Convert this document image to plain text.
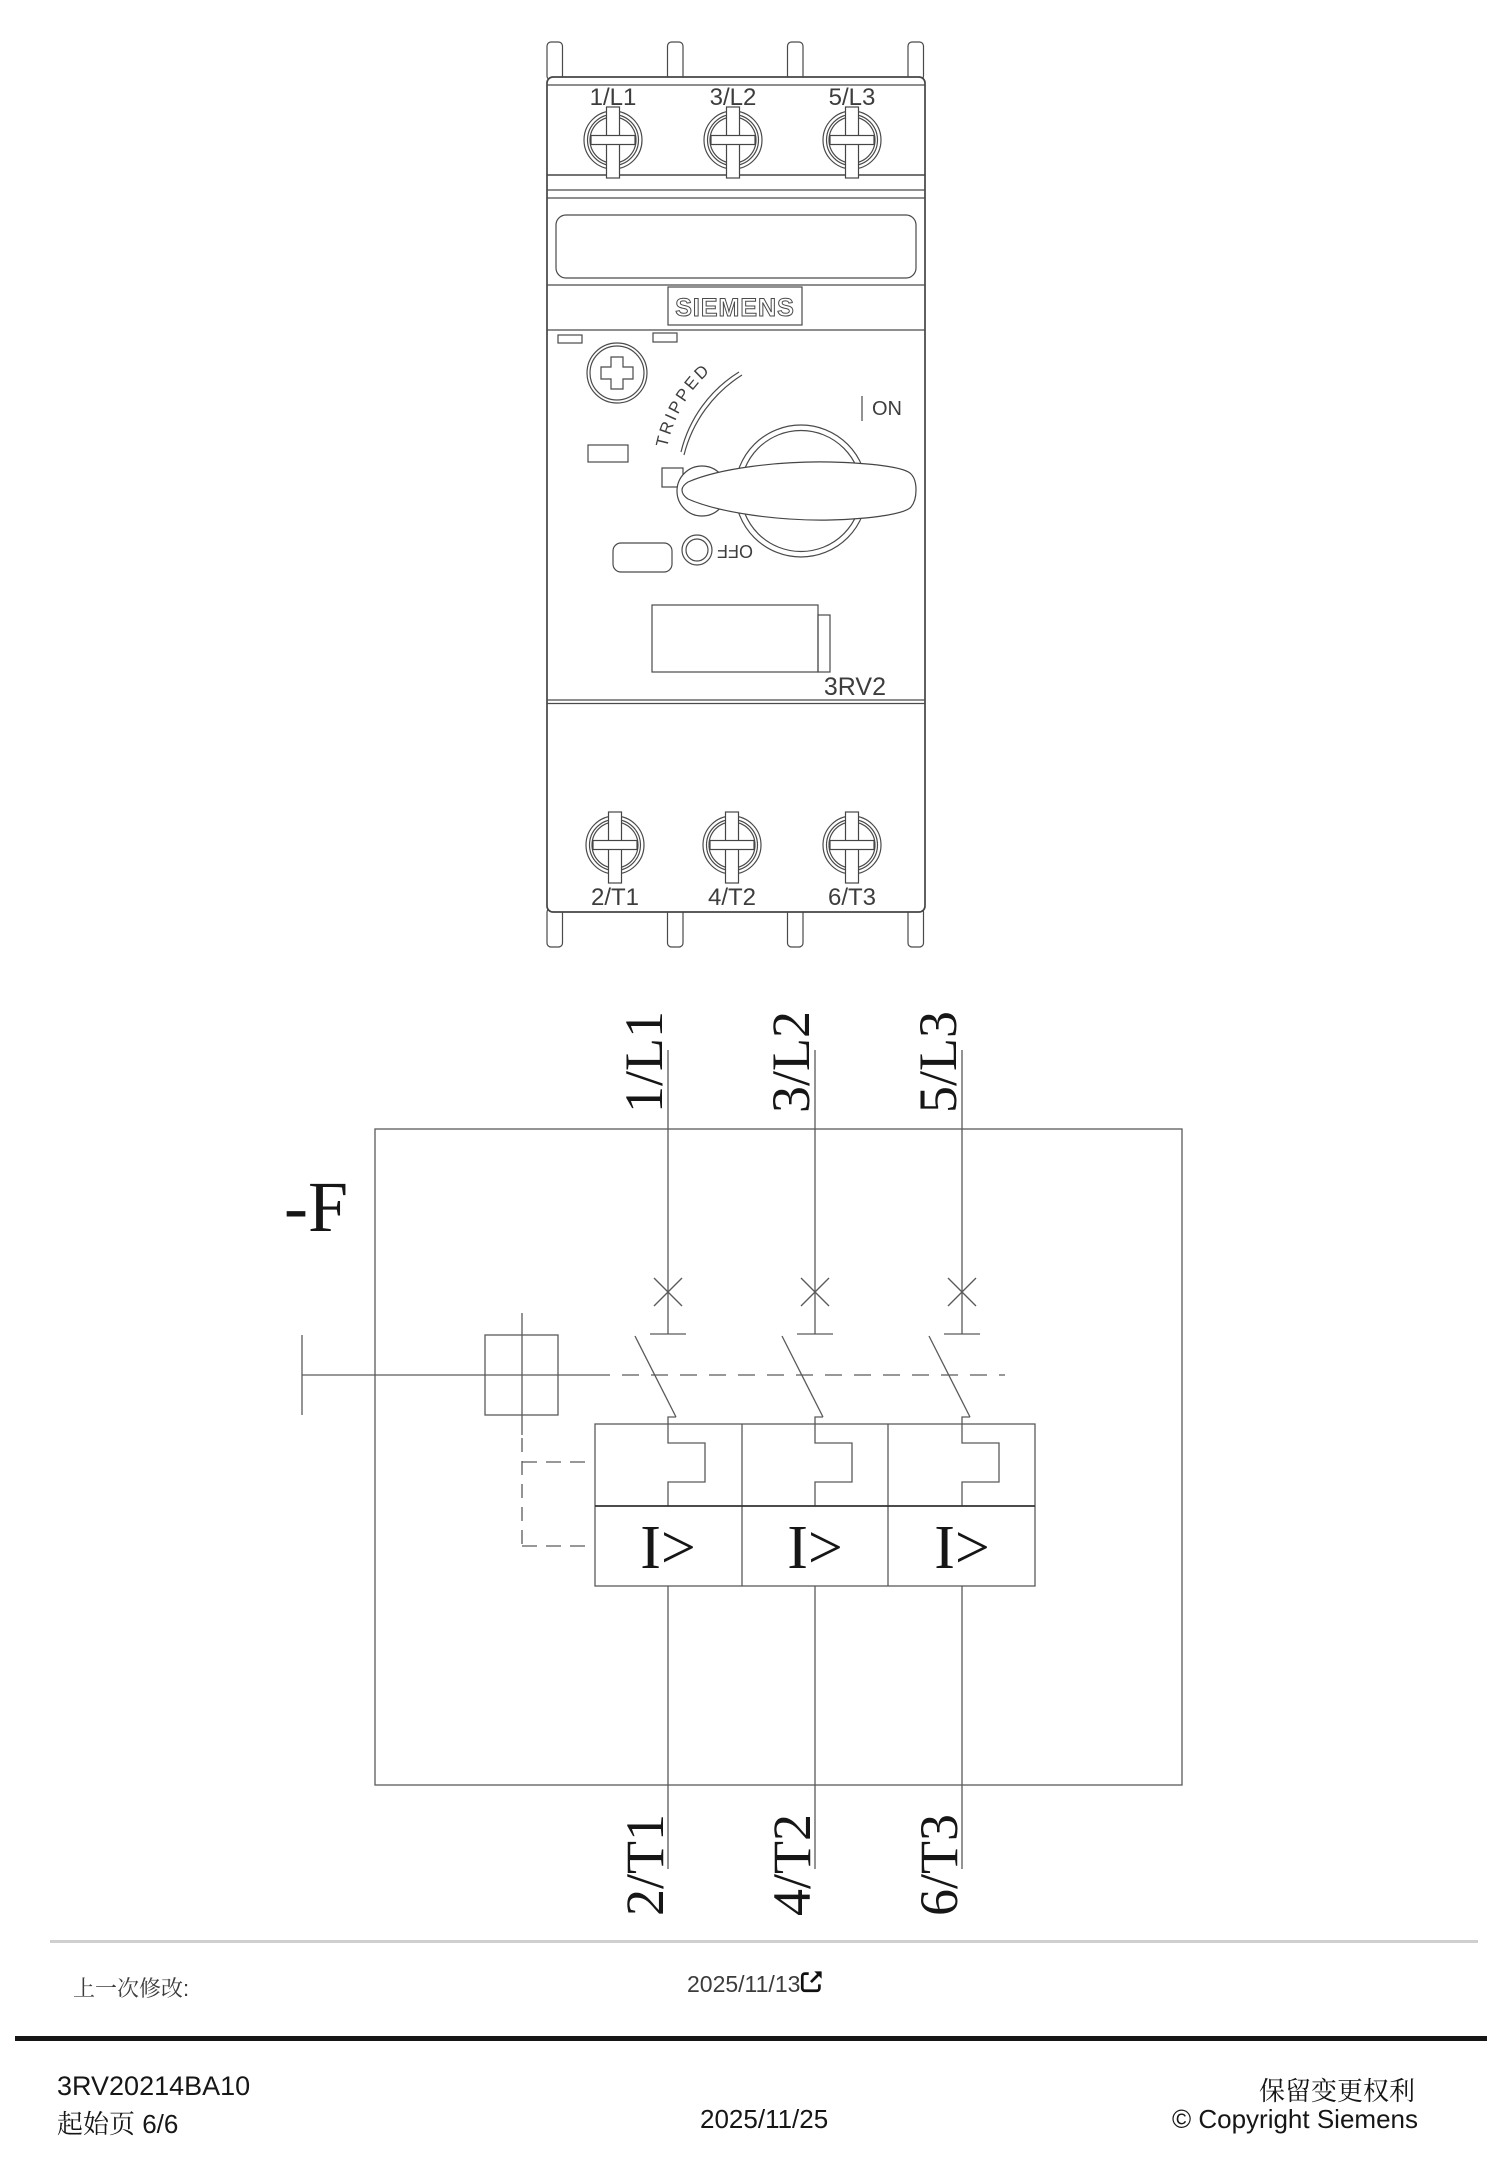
1/L1	3/L2	5/L3
SIEMENS
TRIPPED
ON
OFF
3RV2
2/T1	4/T2	6/T3
-F
I> I> I>
1/L1 3/L2 5/L3
2/T1 4/T2 6/T3
上一次修改:	2025/11/13
3RV20214BA10	保留变更权利
起始页 6/6	2025/11/25	© Copyright Siemens
